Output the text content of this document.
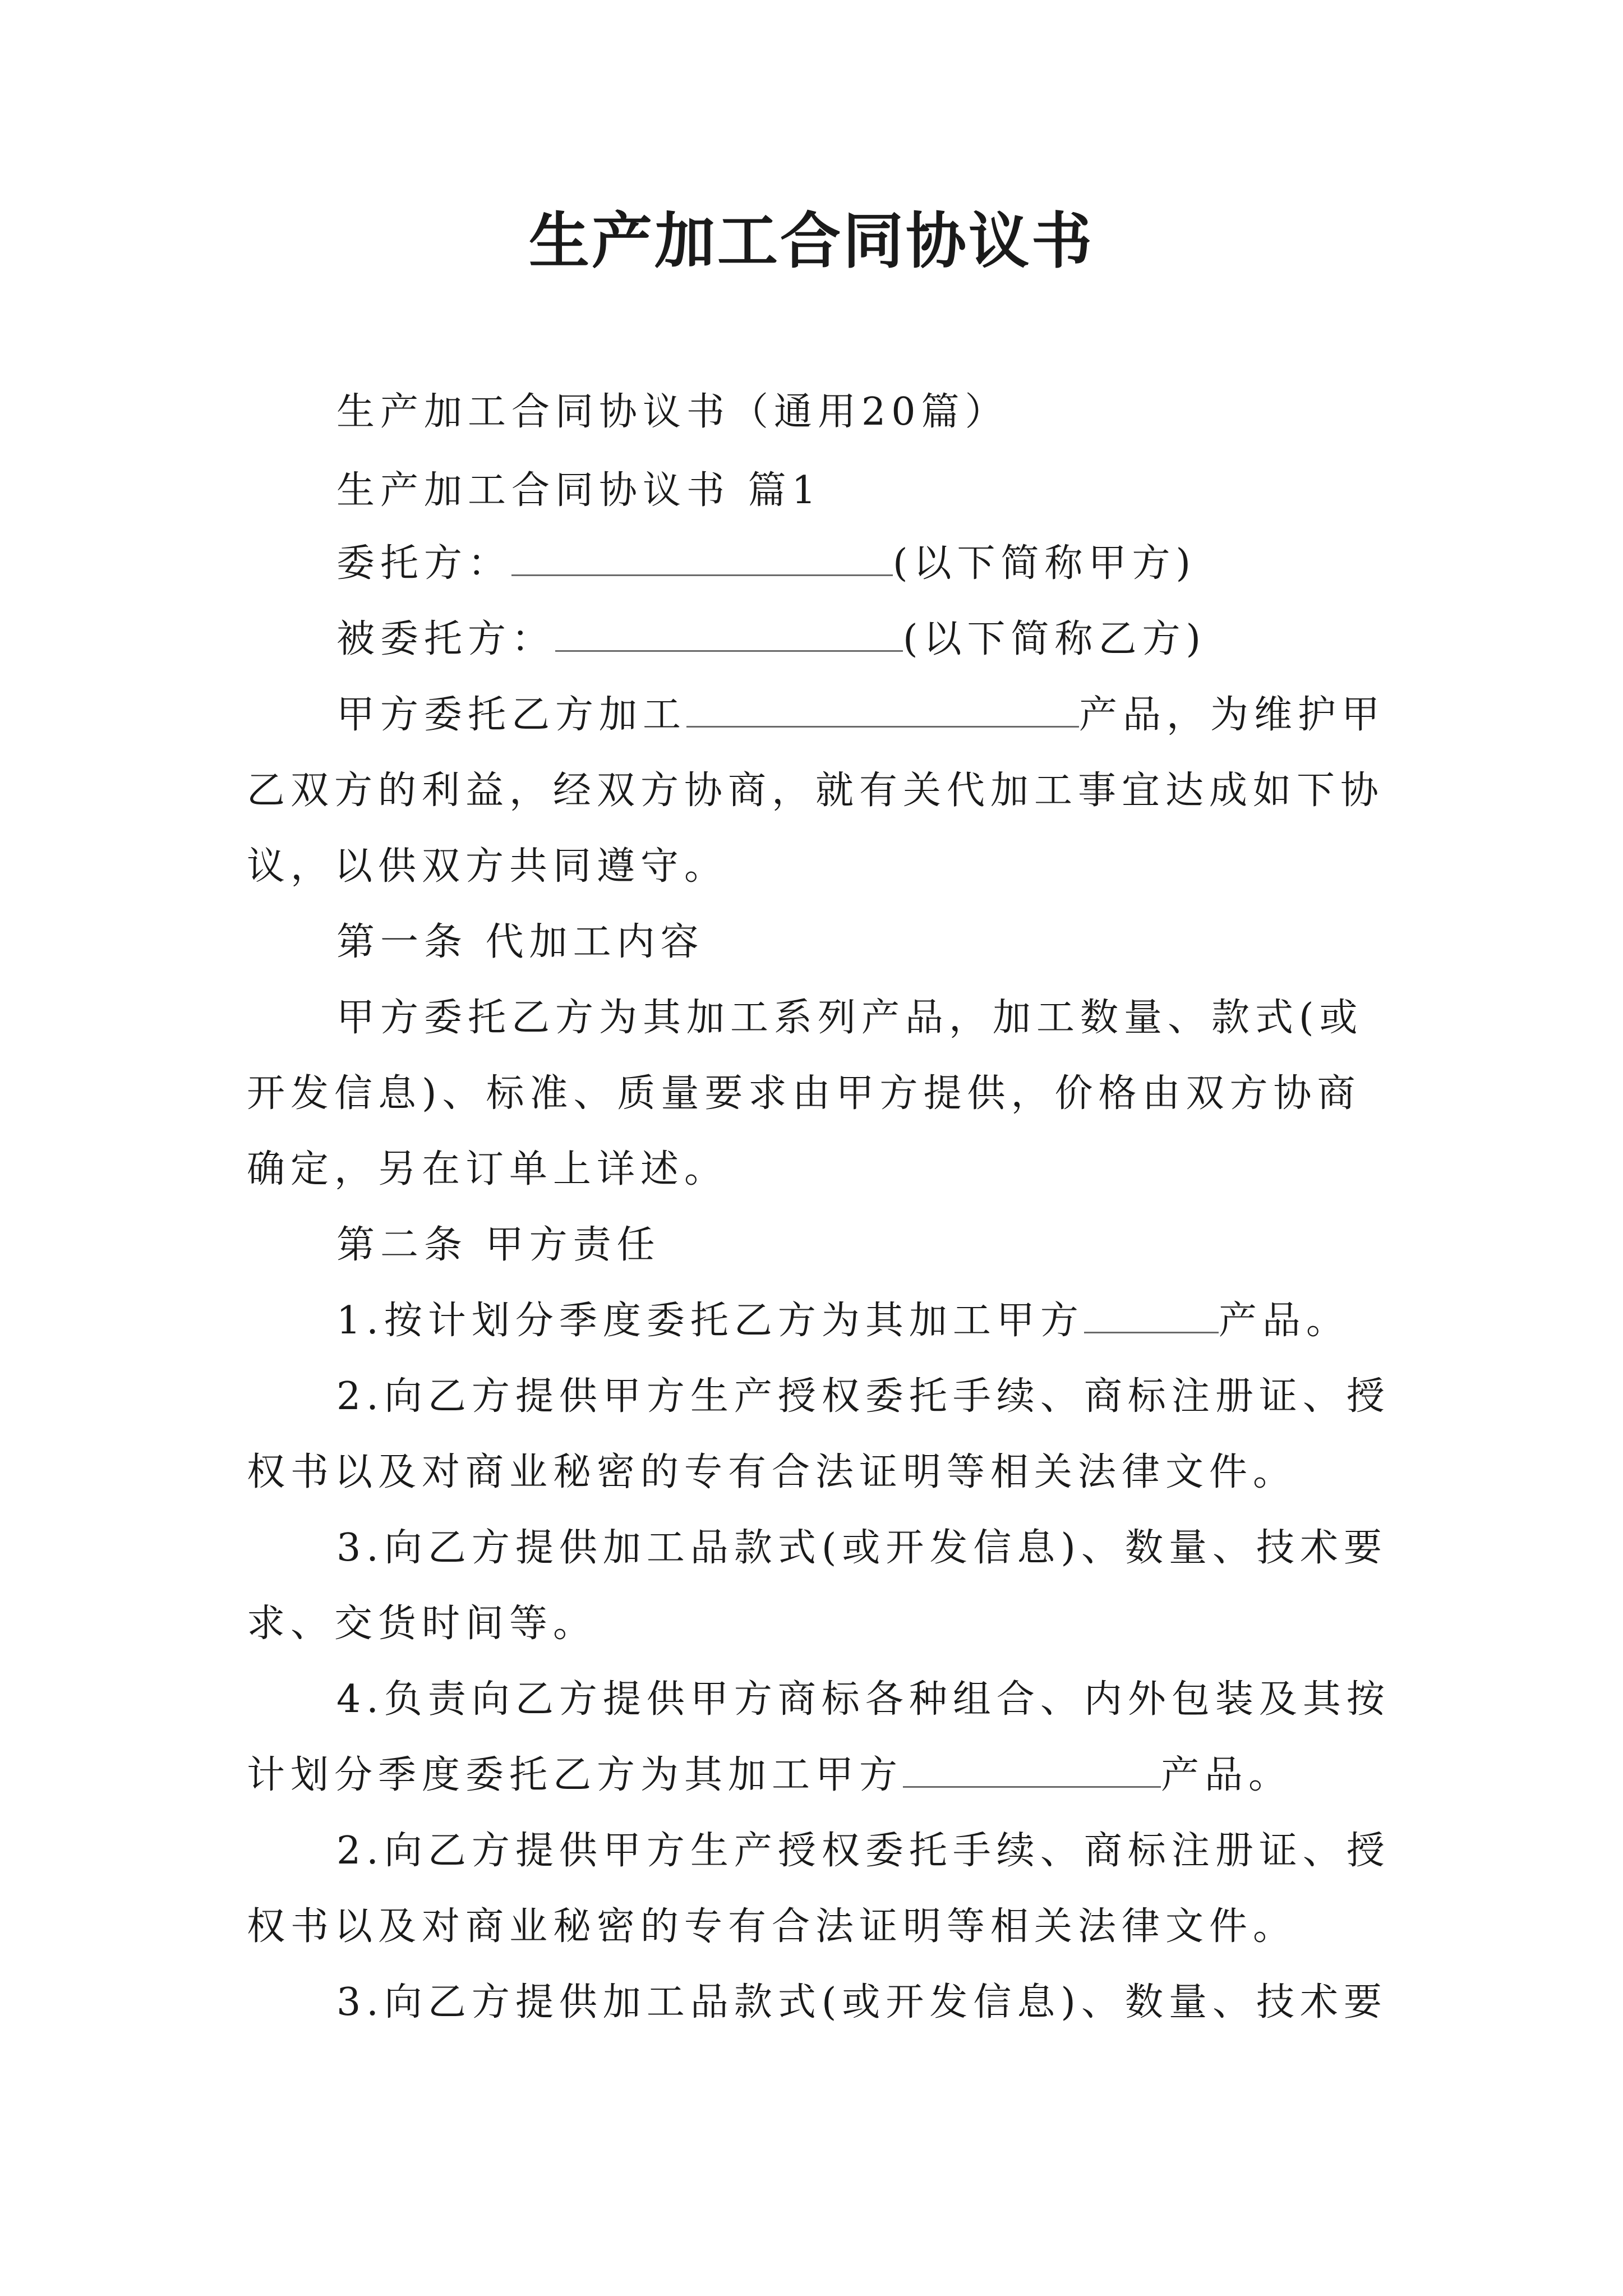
生产加工合同协议书
生产加工合同协议书（通用20篇）
生产加工合同协议书 篇1
委托方：	(以下简称甲方)
被委托方：	(以下简称乙方)
甲方委托乙方加工	产品，为维护甲
乙双方的利益，经双方协商，就有关代加工事宜达成如下协
议，以供双方共同遵守。
第一条 代加工内容
甲方委托乙方为其加工系列产品，加工数量、款式(或
开发信息)、标准、质量要求由甲方提供，价格由双方协商
确定，另在订单上详述。
第二条 甲方责任
1.按计划分季度委托乙方为其加工甲方	产品。
2.向乙方提供甲方生产授权委托手续、商标注册证、授
权书以及对商业秘密的专有合法证明等相关法律文件。
3.向乙方提供加工品款式(或开发信息)、数量、技术要
求、交货时间等。
4.负责向乙方提供甲方商标各种组合、内外包装及其按
计划分季度委托乙方为其加工甲方	产品。
2.向乙方提供甲方生产授权委托手续、商标注册证、授
权书以及对商业秘密的专有合法证明等相关法律文件。
3.向乙方提供加工品款式(或开发信息)、数量、技术要
